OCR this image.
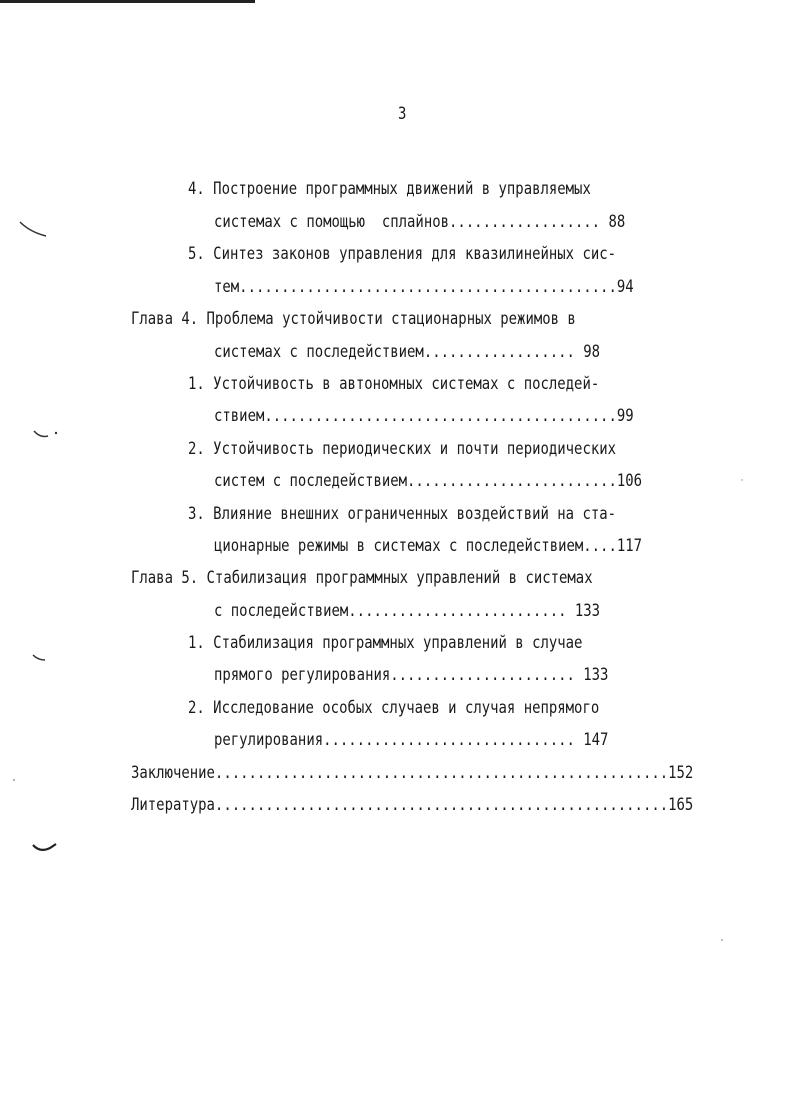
3
4. Построение программных движений в управляемых
системах с помощью  сплайнов.................. 88
5. Синтез законов управления для квазилинейных сис-
тем.............................................94
Глава 4. Проблема устойчивости стационарных режимов в
системах с последействием.................. 98
1. Устойчивость в автономных системах с последей-
ствием..........................................99
2. Устойчивость периодических и почти периодических
систем с последействием.........................106
3. Влияние внешних ограниченных воздействий на ста-
ционарные режимы в системах с последействием....117
Глава 5. Стабилизация программных управлений в системах
с последействием.......................... 133
1. Стабилизация программных управлений в случае
прямого регулирования...................... 133
2. Исследование особых случаев и случая непрямого
регулирования.............................. 147
Заключение......................................................152
Литература......................................................165
